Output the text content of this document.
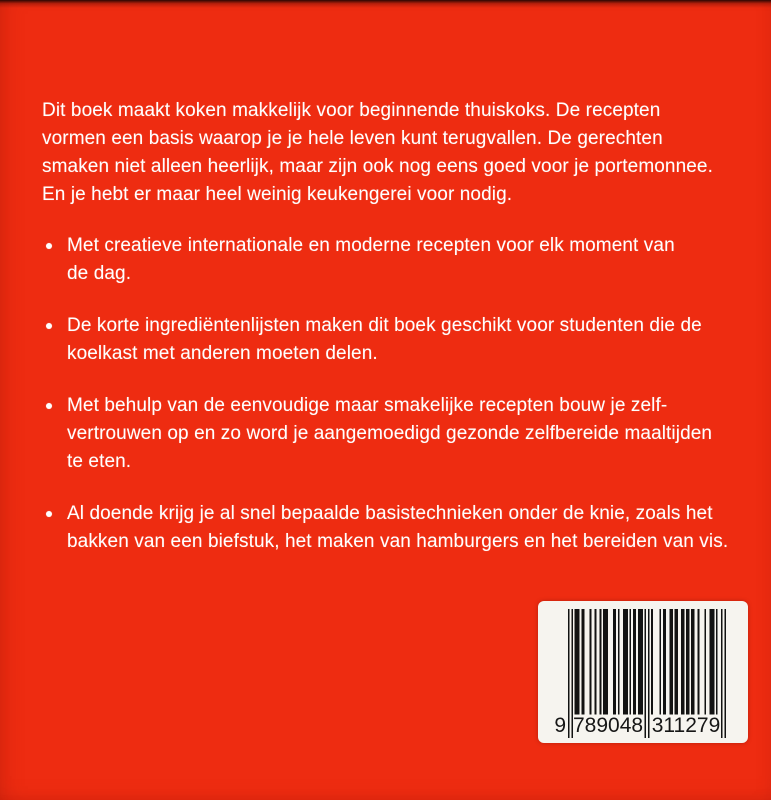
Dit boek maakt koken makkelijk voor beginnende thuiskoks. De recepten
vormen een basis waarop je je hele leven kunt terugvallen. De gerechten
smaken niet alleen heerlijk, maar zijn ook nog eens goed voor je portemonnee.
En je hebt er maar heel weinig keukengerei voor nodig.
Met creatieve internationale en moderne recepten voor elk moment van
de dag.
De korte ingrediëntenlijsten maken dit boek geschikt voor studenten die de
koelkast met anderen moeten delen.
Met behulp van de eenvoudige maar smakelijke recepten bouw je zelf-
vertrouwen op en zo word je aangemoedigd gezonde zelfbereide maaltijden
te eten.
Al doende krijg je al snel bepaalde basistechnieken onder de knie, zoals het
bakken van een biefstuk, het maken van hamburgers en het bereiden van vis.
9 789048 311279
